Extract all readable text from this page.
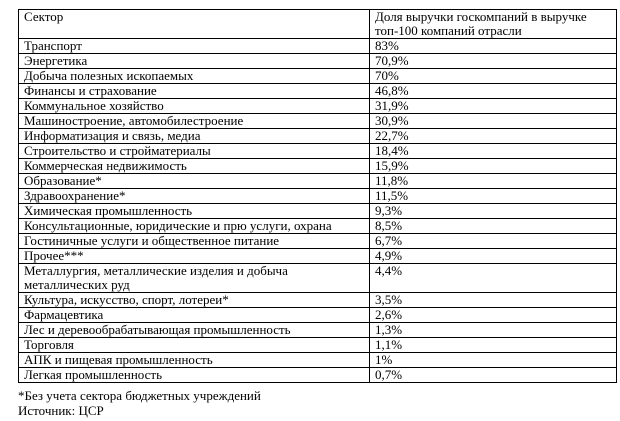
Сектор	Доля выручки госкомпаний в выручке топ-100 компаний отрасли
Транспорт	83%
Энергетика	70,9%
Добыча полезных ископаемых	70%
Финансы и страхование	46,8%
Коммунальное хозяйство	31,9%
Машиностроение, автомобилестроение	30,9%
Информатизация и связь, медиа	22,7%
Строительство и стройматериалы	18,4%
Коммерческая недвижимость	15,9%
Образование*	11,8%
Здравоохранение*	11,5%
Химическая промышленность	9,3%
Консультационные, юридические и прю услуги, охрана	8,5%
Гостиничные услуги и общественное питание	6,7%
Прочее***	4,9%
Металлургия, металлические изделия и добыча металлических руд	4,4%
Культура, искусство, спорт, лотереи*	3,5%
Фармацевтика	2,6%
Лес и деревообрабатывающая промышленность	1,3%
Торговля	1,1%
АПК и пищевая промышленность	1%
Легкая промышленность	0,7%
*Без учета сектора бюджетных учреждений
Источник: ЦСР
